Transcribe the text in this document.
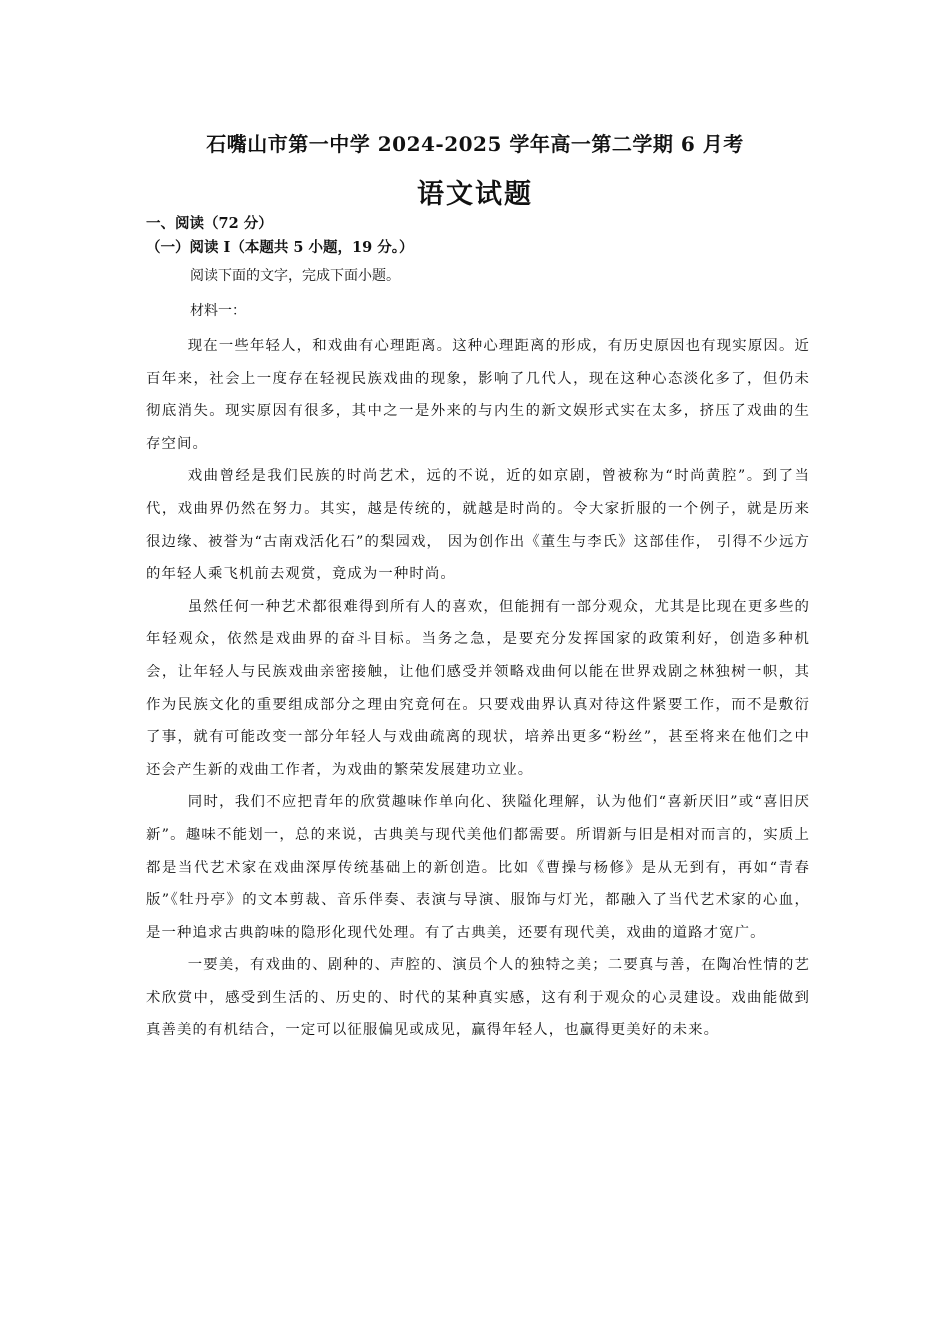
石嘴山市第一中学 2024-2025 学年高一第二学期 6 月考
语文试题
一、阅读（72 分）
（一）阅读 I（本题共 5 小题，19 分。）
阅读下面的文字，完成下面小题。
材料一：

现在一些年轻人，和戏曲有心理距离。这种心理距离的形成，有历史原因也有现实原因。近百年来，社会上一度存在轻视民族戏曲的现象，影响了几代人，现在这种心态淡化多了，但仍未彻底消失。现实原因有很多，其中之一是外来的与内生的新文娱形式实在太多，挤压了戏曲的生存空间。

戏曲曾经是我们民族的时尚艺术，远的不说，近的如京剧，曾被称为“时尚黄腔”。到了当代，戏曲界仍然在努力。其实，越是传统的，就越是时尚的。令大家折服的一个例子，就是历来很边缘、被誉为“古南戏活化石”的梨园戏， 因为创作出《董生与李氏》这部佳作， 引得不少远方的年轻人乘飞机前去观赏，竟成为一种时尚。

虽然任何一种艺术都很难得到所有人的喜欢，但能拥有一部分观众，尤其是比现在更多些的年轻观众，依然是戏曲界的奋斗目标。当务之急，是要充分发挥国家的政策利好，创造多种机会，让年轻人与民族戏曲亲密接触，让他们感受并领略戏曲何以能在世界戏剧之林独树一帜，其作为民族文化的重要组成部分之理由究竟何在。只要戏曲界认真对待这件紧要工作，而不是敷衍了事，就有可能改变一部分年轻人与戏曲疏离的现状，培养出更多“粉丝”，甚至将来在他们之中还会产生新的戏曲工作者，为戏曲的繁荣发展建功立业。

同时，我们不应把青年的欣赏趣味作单向化、狭隘化理解，认为他们“喜新厌旧”或“喜旧厌新”。趣味不能划一，总的来说，古典美与现代美他们都需要。所谓新与旧是相对而言的，实质上都是当代艺术家在戏曲深厚传统基础上的新创造。比如《曹操与杨修》是从无到有，再如“青春版”《牡丹亭》的文本剪裁、音乐伴奏、表演与导演、服饰与灯光，都融入了当代艺术家的心血，是一种追求古典韵味的隐形化现代处理。有了古典美，还要有现代美，戏曲的道路才宽广。

一要美，有戏曲的、剧种的、声腔的、演员个人的独特之美；二要真与善，在陶冶性情的艺术欣赏中，感受到生活的、历史的、时代的某种真实感，这有利于观众的心灵建设。戏曲能做到真善美的有机结合，一定可以征服偏见或成见，赢得年轻人，也赢得更美好的未来。
